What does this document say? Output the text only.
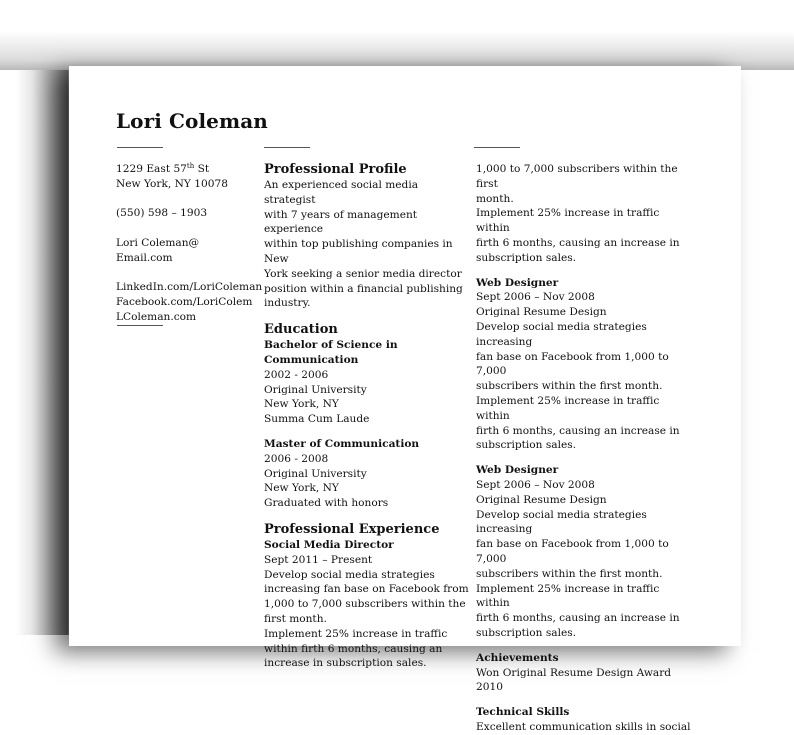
Lori Coleman

1229 East 57th St

New York, NY 10078

(550) 598 – 1903

Lori Coleman@ Email.com

LinkedIn.com/LoriColeman

Facebook.com/LoriColem

LColeman.com

Professional Profile

An experienced social media strategist

with 7 years of management experience

within top publishing companies in New

York seeking a senior media director

position within a financial publishing

industry.

Education

Bachelor of Science in Communication

2002 - 2006

Original University

New York, NY

Summa Cum Laude

Master of Communication

2006 - 2008

Original University

New York, NY

Graduated with honors

Professional Experience

Social Media Director

Sept 2011 – Present

Develop social media strategies

increasing fan base on Facebook from

1,000 to 7,000 subscribers within the

first month.

Implement 25% increase in traffic

within firth 6 months, causing an

increase in subscription sales.

1,000 to 7,000 subscribers within the first

month.

Implement 25% increase in traffic within

firth 6 months, causing an increase in

subscription sales.

Web Designer

Sept 2006 – Nov 2008

Original Resume Design

Develop social media strategies increasing

fan base on Facebook from 1,000 to 7,000

subscribers within the first month.

Implement 25% increase in traffic within

firth 6 months, causing an increase in

subscription sales.

Web Designer

Sept 2006 – Nov 2008

Original Resume Design

Develop social media strategies increasing

fan base on Facebook from 1,000 to 7,000

subscribers within the first month.

Implement 25% increase in traffic within

firth 6 months, causing an increase in

subscription sales.

Achievements

Won Original Resume Design Award

2010

Technical Skills

Excellent communication skills in social
